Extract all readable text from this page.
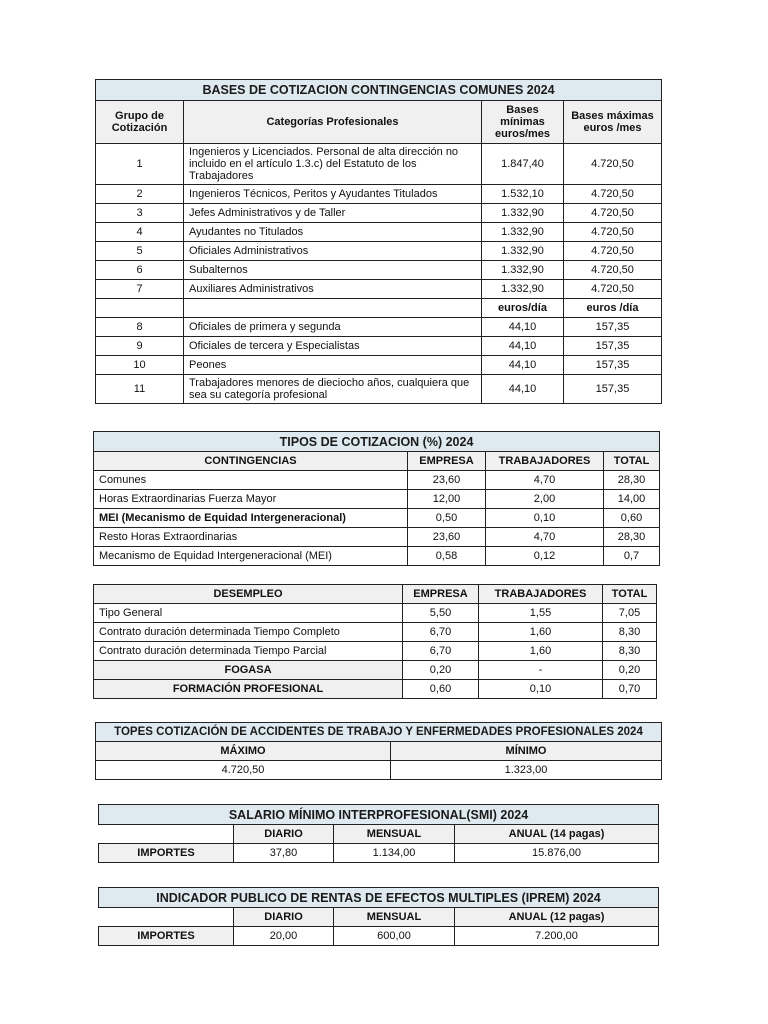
BASES DE COTIZACION CONTINGENCIAS COMUNES 2024			
Grupo de Cotización	Categorías Profesionales	Bases mínimas euros/mes	Bases máximas euros /mes
1	Ingenieros y Licenciados. Personal de alta dirección no incluido en el artículo 1.3.c) del Estatuto de los Trabajadores	1.847,40	4.720,50
2	Ingenieros Técnicos, Peritos y Ayudantes Titulados	1.532,10	4.720,50
3	Jefes Administrativos y de Taller	1.332,90	4.720,50
4	Ayudantes no Titulados	1.332,90	4.720,50
5	Oficiales Administrativos	1.332,90	4.720,50
6	Subalternos	1.332,90	4.720,50
7	Auxiliares Administrativos	1.332,90	4.720,50
		euros/día	euros /día
8	Oficiales de primera y segunda	44,10	157,35
9	Oficiales de tercera y Especialistas	44,10	157,35
10	Peones	44,10	157,35
11	Trabajadores menores de dieciocho años, cualquiera que sea su categoría profesional	44,10	157,35
TIPOS DE COTIZACION (%) 2024			
CONTINGENCIAS	EMPRESA	TRABAJADORES	TOTAL
Comunes	23,60	4,70	28,30
Horas Extraordinarias Fuerza Mayor	12,00	2,00	14,00
MEI (Mecanismo de Equidad Intergeneracional)	0,50	0,10	0,60
Resto Horas Extraordinarias	23,60	4,70	28,30
Mecanismo de Equidad Intergeneracional (MEI)	0,58	0,12	0,7
DESEMPLEO	EMPRESA	TRABAJADORES	TOTAL
Tipo General	5,50	1,55	7,05
Contrato duración determinada Tiempo Completo	6,70	1,60	8,30
Contrato duración determinada Tiempo Parcial	6,70	1,60	8,30
FOGASA	0,20	-	0,20
FORMACIÓN PROFESIONAL	0,60	0,10	0,70
TOPES COTIZACIÓN DE ACCIDENTES DE TRABAJO Y ENFERMEDADES PROFESIONALES 2024	
MÁXIMO	MÍNIMO
4.720,50	1.323,00
SALARIO MÍNIMO INTERPROFESIONAL(SMI) 2024			
	DIARIO	MENSUAL	ANUAL (14 pagas)
IMPORTES	37,80	1.134,00	15.876,00
INDICADOR PUBLICO DE RENTAS DE EFECTOS MULTIPLES (IPREM) 2024			
	DIARIO	MENSUAL	ANUAL (12 pagas)
IMPORTES	20,00	600,00	7.200,00
